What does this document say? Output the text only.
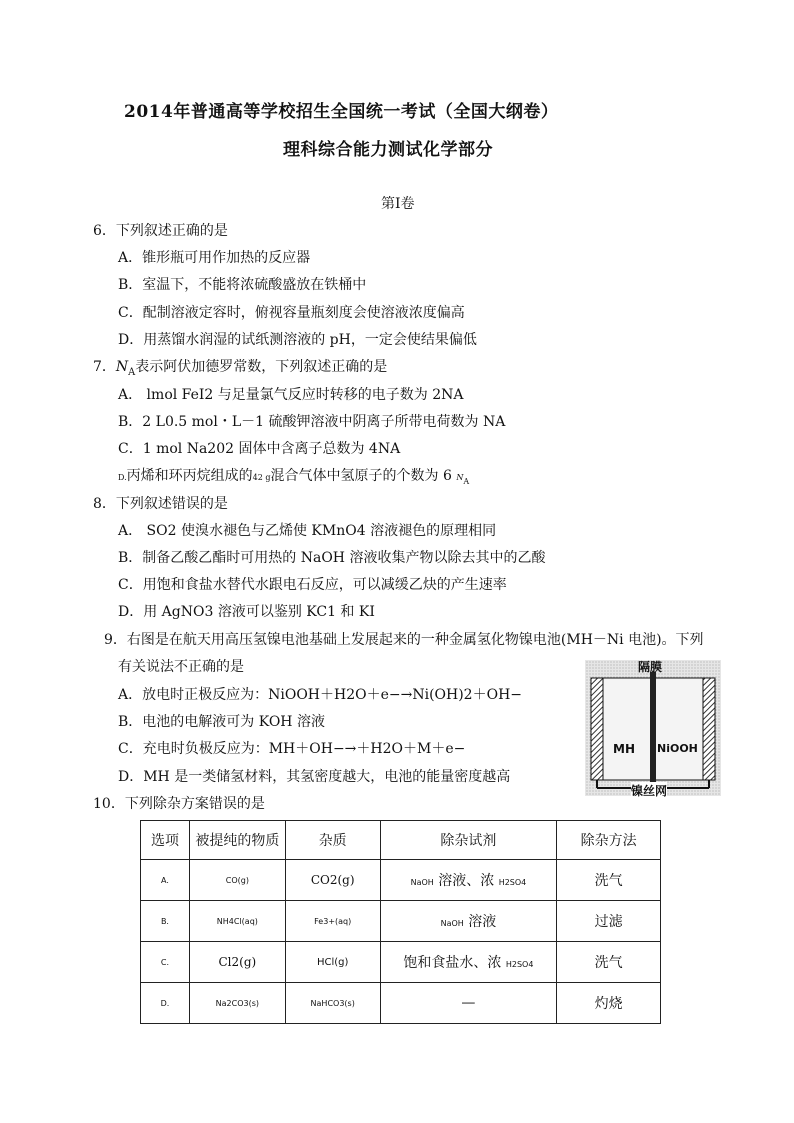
2014年普通高等学校招生全国统一考试（全国大纲卷）
理科综合能力测试化学部分
第Ⅰ卷
6．下列叙述正确的是
A．锥形瓶可用作加热的反应器
B．室温下，不能将浓硫酸盛放在铁桶中
C．配制溶液定容时，俯视容量瓶刻度会使溶液浓度偏高
D．用蒸馏水润湿的试纸测溶液的 pH，一定会使结果偏低
7．$N_A$表示阿伏加德罗常数，下列叙述正确的是
A． lmol FeI2 与足量氯气反应时转移的电子数为 2NA
B．2 L0.5 mol・L－1 硫酸钾溶液中阴离子所带电荷数为 NA
C．1 mol Na202 固体中含离子总数为 4NA
D.丙烯和环丙烷组成的42 g混合气体中氢原子的个数为 6 $N_A$
8．下列叙述错误的是
A． SO2 使溴水褪色与乙烯使 KMnO4 溶液褪色的原理相同
B．制备乙酸乙酯时可用热的 NaOH 溶液收集产物以除去其中的乙酸
C．用饱和食盐水替代水跟电石反应，可以减缓乙炔的产生速率
D．用 AgNO3 溶液可以鉴别 KC1 和 KI
9．右图是在航天用高压氢镍电池基础上发展起来的一种金属氢化物镍电池(MH－Ni 电池)。下列
有关说法不正确的是
A．放电时正极反应为：NiOOH＋H2O＋e−→Ni(OH)2＋OH−
B．电池的电解液可为 KOH 溶液
C．充电时负极反应为：MH＋OH−→＋H2O＋M＋e−
D．MH 是一类储氢材料，其氢密度越大，电池的能量密度越高
隔膜
MH NiOOH
镍丝网
10．下列除杂方案错误的是
选项	被提纯的物质	杂质	除杂试剂	除杂方法
A.	CO(g)	CO2(g)	NaOH 溶液、浓 H2SO4	洗气
B.	NH4Cl(aq)	Fe3+(aq)	NaOH 溶液	过滤
C.	Cl2(g)	HCl(g)	饱和食盐水、浓 H2SO4	洗气
D.	Na2CO3(s)	NaHCO3(s)	—	灼烧
